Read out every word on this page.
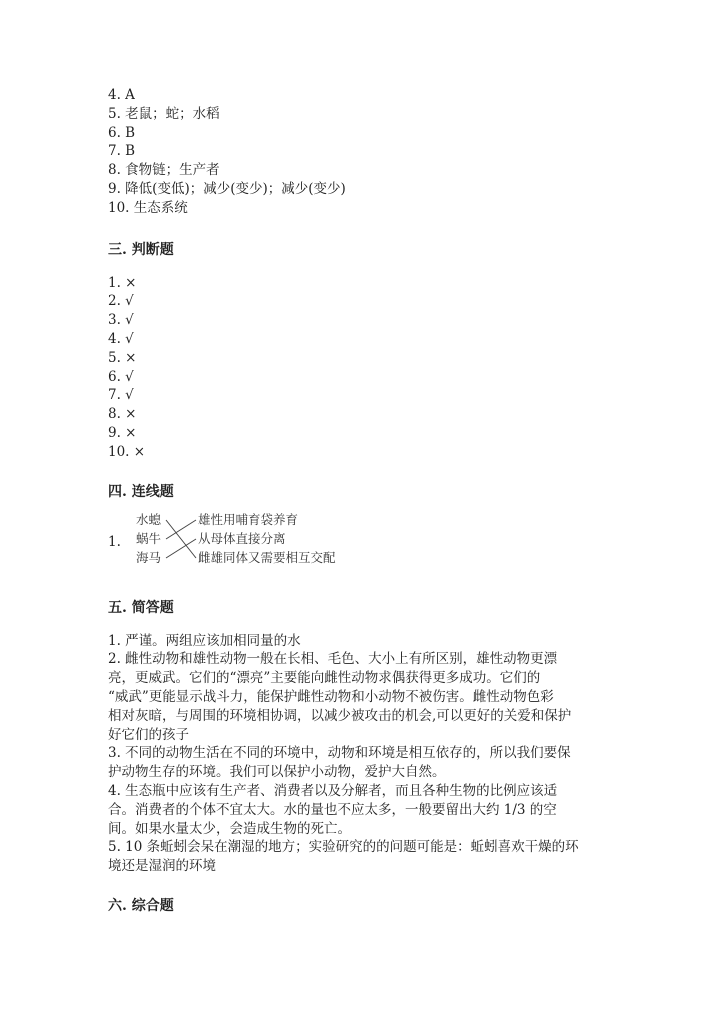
4. A
5. 老鼠；蛇；水稻
6. B
7. B
8. 食物链；生产者
9. 降低(变低)；减少(变少)；减少(变少)
10. 生态系统
三. 判断题
1. ×
2. √
3. √
4. √
5. ×
6. √
7. √
8. ×
9. ×
10. ×
四. 连线题
1.
水螅
蜗牛
海马
雄性用哺育袋养育
从母体直接分离
雌雄同体又需要相互交配
五. 简答题
1. 严谨。两组应该加相同量的水
2. 雌性动物和雄性动物一般在长相、毛色、大小上有所区别，雄性动物更漂
亮，更威武。它们的“漂亮”主要能向雌性动物求偶获得更多成功。它们的
“威武”更能显示战斗力，能保护雌性动物和小动物不被伤害。雌性动物色彩
相对灰暗，与周围的环境相协调，以减少被攻击的机会,可以更好的关爱和保护
好它们的孩子
3. 不同的动物生活在不同的环境中，动物和环境是相互依存的，所以我们要保
护动物生存的环境。我们可以保护小动物，爱护大自然。
4. 生态瓶中应该有生产者、消费者以及分解者，而且各种生物的比例应该适
合。消费者的个体不宜太大。水的量也不应太多，一般要留出大约 1/3 的空
间。如果水量太少，会造成生物的死亡。
5. 10 条蚯蚓会呆在潮湿的地方；实验研究的的问题可能是：蚯蚓喜欢干燥的环
境还是湿润的环境
六. 综合题
